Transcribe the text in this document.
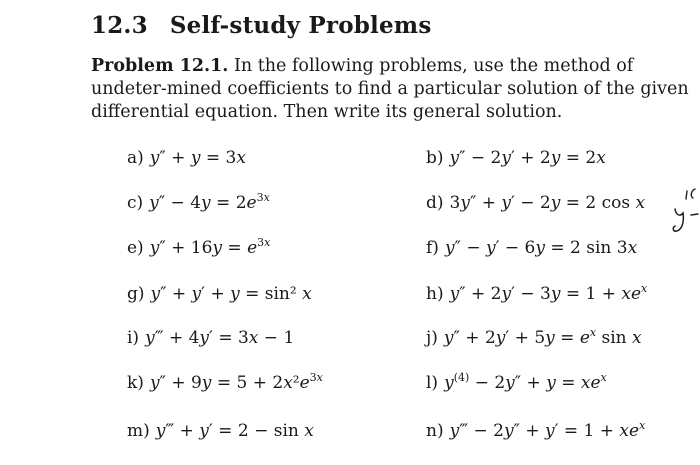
12.3 Self-study Problems
Problem 12.1. In the following problems, use the method of undeter-mined coefficients to find a particular solution of the given differential equation. Then write its general solution.
a) y″ + y = 3x	b) y″ − 2y′ + 2y = 2x
c) $y'' - 4y = 2e^{3x}$	d) 3y″ + y′ − 2y = 2 cos x
e) $y'' + 16y = e^{3x}$	f) y″ − y′ − 6y = 2 sin 3x
g) y″ + y′ + y = sin² x	h) $y'' + 2y' - 3y = 1 + xe^x$
i) y‴ + 4y′ = 3x − 1	j) $y'' + 2y' + 5y = e^x$ sin x
k) $y'' + 9y = 5 + 2x^2e^{3x}$	l) $y^{(4)} - 2y'' + y = xe^x$
m) y‴ + y′ = 2 − sin x	n) y‴ − $2y'' + y' = 1 + xe^x$
